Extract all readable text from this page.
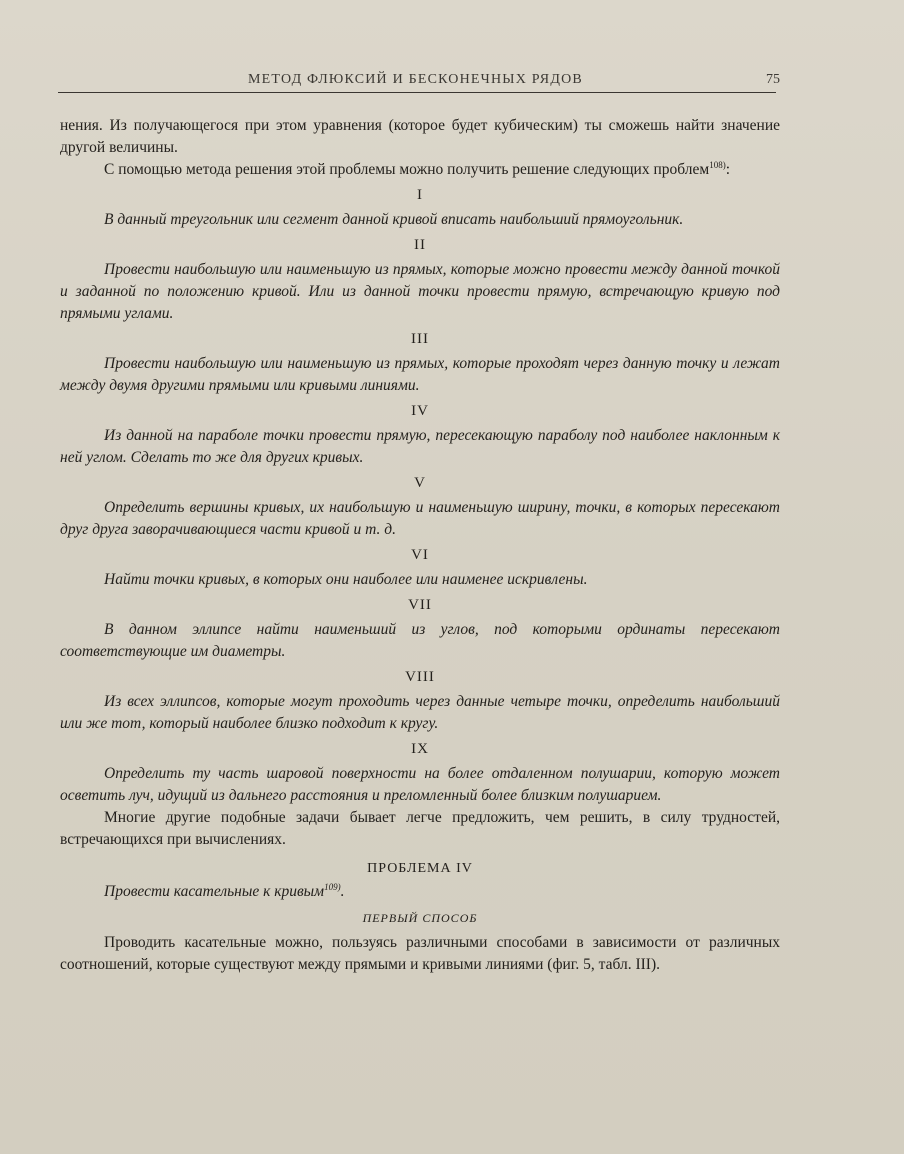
МЕТОД ФЛЮКСИЙ И БЕСКОНЕЧНЫХ РЯДОВ	75

нения. Из получающегося при этом уравнения (которое будет кубическим) ты сможешь найти значение другой величины.

С помощью метода решения этой проблемы можно получить решение следующих проблем$^{108)}$:

I

В данный треугольник или сегмент данной кривой вписать наибольший прямоугольник.

II

Провести наибольшую или наименьшую из прямых, которые можно провести между данной точкой и заданной по положению кривой. Или из данной точки провести прямую, встречающую кривую под прямыми углами.

III

Провести наибольшую или наименьшую из прямых, которые проходят через данную точку и лежат между двумя другими прямыми или кривыми линиями.

IV

Из данной на параболе точки провести прямую, пересекающую параболу под наиболее наклонным к ней углом. Сделать то же для других кривых.

V

Определить вершины кривых, их наибольшую и наименьшую ширину, точки, в которых пересекают друг друга заворачивающиеся части кривой и т. д.

VI

Найти точки кривых, в которых они наиболее или наименее искривлены.

VII

В данном эллипсе найти наименьший из углов, под которыми ординаты пересекают соответствующие им диаметры.

VIII

Из всех эллипсов, которые могут проходить через данные четыре точки, определить наибольший или же тот, который наиболее близко подходит к кругу.

IX

Определить ту часть шаровой поверхности на более отдаленном полушарии, которую может осветить луч, идущий из дальнего расстояния и преломленный более близким полушарием.

Многие другие подобные задачи бывает легче предложить, чем решить, в силу трудностей, встречающихся при вычислениях.

ПРОБЛЕМА IV

Провести касательные к кривым$^{109)}$.

ПЕРВЫЙ СПОСОБ

Проводить касательные можно, пользуясь различными способами в зависимости от различных соотношений, которые существуют между прямыми и кривыми линиями (фиг. 5, табл. III).
